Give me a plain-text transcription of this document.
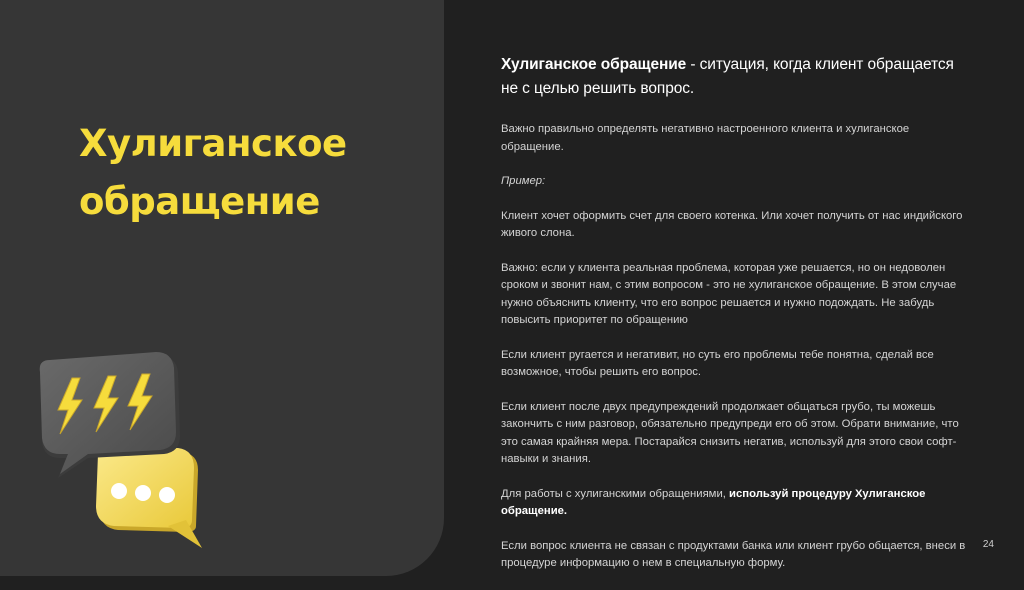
Хулиганское
обращение

Хулиганское обращение - ситуация, когда клиент обращается не с целью решить вопрос.

Важно правильно определять негативно настроенного клиента и хулиганское обращение.

Пример:

Клиент хочет оформить счет для своего котенка. Или хочет получить от нас индийского живого слона.

Важно: если у клиента реальная проблема, которая уже решается, но он недоволен сроком и звонит нам, с этим вопросом - это не хулиганское обращение. В этом случае нужно объяснить клиенту, что его вопрос решается и нужно подождать. Не забудь повысить приоритет по обращению

Если клиент ругается и негативит, но суть его проблемы тебе понятна, сделай все возможное, чтобы решить его вопрос.

Если клиент после двух предупреждений продолжает общаться грубо, ты можешь закончить с ним разговор, обязательно предупреди его об этом. Обрати внимание, что это самая крайняя мера. Постарайся снизить негатив, используй для этого свои софт-навыки и знания.

Для работы с хулиганскими обращениями, используй процедуру Хулиганское обращение.

Если вопрос клиента не связан с продуктами банка или клиент грубо общается, внеси в процедуре информацию о нем в специальную форму.

24
